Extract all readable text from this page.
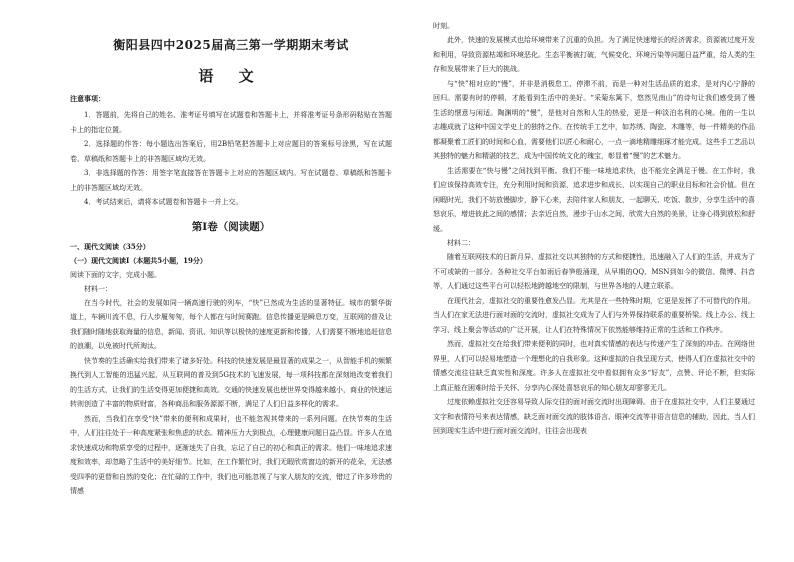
衡阳县四中2025届高三第一学期期末考试
语 文
注意事项：

1．答题前，先将自己的姓名、准考证号填写在试题卷和答题卡上，并将准考证号条形码粘贴在答题卡上的指定位置。

2．选择题的作答：每小题选出答案后，用2B铅笔把答题卡上对应题目的答案标号涂黑，写在试题卷、草稿纸和答题卡上的非答题区域均无效。

3．非选择题的作答：用签字笔直接答在答题卡上对应的答题区域内。写在试题卷、草稿纸和答题卡上的非答题区域均无效。

4．考试结束后，请将本试题卷和答题卡一并上交。

第Ⅰ卷（阅读题）

一、现代文阅读（35分）

（一）现代文阅读Ⅰ（本题共5小题，19分）

阅读下面的文字，完成小题。

材料一：

在当今时代，社会的发展如同一辆高速行驶的列车，“快”已然成为生活的显著特征。城市的繁华街道上，车辆川流不息，行人步履匆匆，每个人都在与时间赛跑。信息传播更是瞬息万变，互联网的普及让我们随时随地获取海量的信息，新闻、资讯、知识等以极快的速度更新和传播，人们需要不断地追赶信息的浪潮，以免被时代所淘汰。

快节奏的生活确实给我们带来了诸多好处。科技的快速发展是最显著的成果之一，从智能手机的频繁换代到人工智能的迅猛兴起，从互联网的普及到5G技术的飞速发展，每一项科技都在深刻地改变着我们的生活方式，让我们的生活变得更加便捷和高效。交通的快速发展也使世界变得越来越小，商业的快速运转则创造了丰富的物质财富，各种商品和服务源源不断，满足了人们日益多样化的需求。

然而，当我们在享受“快”带来的便利和成果时，也不能忽视其带来的一系列问题。在快节奏的生活中，人们往往处于一种高度紧张和焦虑的状态。精神压力大到极点，心理健康问题日益凸显。许多人在追求快速成功和物质享受的过程中，逐渐迷失了自我，忘记了自己的初心和真正的需求。他们一味地追求速度和效率，却忽略了生活中的美好细节。比如，在工作繁忙时，我们无暇欣赏窗边的新开的花朵，无法感受四季的更替和自然的变化；在忙碌的工作中，我们也可能忽视了与家人朋友的交流，错过了许多珍贵的情感

时刻。

此外，快速的发展模式也给环境带来了沉重的负担。为了满足快速增长的经济需求，资源被过度开发和利用，导致资源枯竭和环境恶化。生态平衡被打破，气候变化、环境污染等问题日益严重，给人类的生存和发展带来了巨大的挑战。

与“快”相对应的“慢”，并非是消极怠工、停滞不前，而是一种对生活品质的追求，是对内心宁静的回归。需要有时的停顿，才能看到生活中的美好。“采菊东篱下，悠然见南山”的诗句让我们感受到了慢生活的惬意与闲适。陶渊明的“慢”，是他对自然和人生的热爱，更是一种淡泊名利的心境。他的一生以志趣成就了这种中国文学史上的独特之作。在传统手工艺中，如苏绣、陶瓷、木雕等，每一件精美的作品都凝聚着工匠们的时间和心血，需要他们以匠心和耐心，一点一滴地精雕细琢才能完成。这些手工艺品以其独特的魅力和精湛的技艺，成为中国传统文化的瑰宝，彰显着“慢”的艺术魅力。

生活需要在“快与慢”之间找到平衡。我们不能一味地追求快，也不能完全满足于慢。在工作时，我们应该保持高效专注，充分利用时间和资源，追求进步和成长，以实现自己的职业目标和社会价值。但在闲暇时光，我们不妨放慢脚步，静下心来，去陪伴家人和朋友，一起聊天、吃饭、散步，分享生活中的喜怒哀乐，增进彼此之间的感情；去亲近自然，漫步于山水之间，欣赏大自然的美景，让身心得到放松和舒缓。

材料二：

随着互联网技术的日新月异，虚拟社交以其独特的方式和便捷性，迅速融入了人们的生活，并成为了不可或缺的一部分。各种社交平台如雨后春笋般涌现，从早期的QQ、MSN到如今的微信、微博、抖音等，人们通过这些平台可以轻松地跨越地空的限制，与世界各地的人建立联系。

在现代社会，虚拟社交的重要性愈发凸显。尤其是在一些特殊时期，它更是发挥了不可替代的作用。当人们在家无法进行面对面的交流时，虚拟社交成为了人们与外界保持联系的重要桥梁。线上办公、线上学习、线上聚会等活动的广泛开展，让人们在特殊情况下依然能够维持正常的生活和工作秩序。

然而，虚拟社交在给我们带来便利的同时，也对真实情感的表达与传递产生了深刻的冲击。在网络世界里，人们可以轻易地塑造一个理想化的自我形象。这种虚拟的自我呈现方式，使得人们在虚拟社交中的情感交流往往缺乏真实性和深度。许多人在虚拟社交中看似拥有众多“好友”，点赞、评论不断，但实际上真正能在困难时给予关怀、分享内心深处喜怒哀乐的知心朋友却寥寥无几。

过度依赖虚拟社交还容易导致人际交往的面对面交流时出现障碍。由于在虚拟社交中，人们主要通过文字和表情符号来表达情感，缺乏面对面交流的肢体语言、眼神交流等非语言信息的辅助，因此，当人们回到现实生活中进行面对面交流时，往往会出现表
